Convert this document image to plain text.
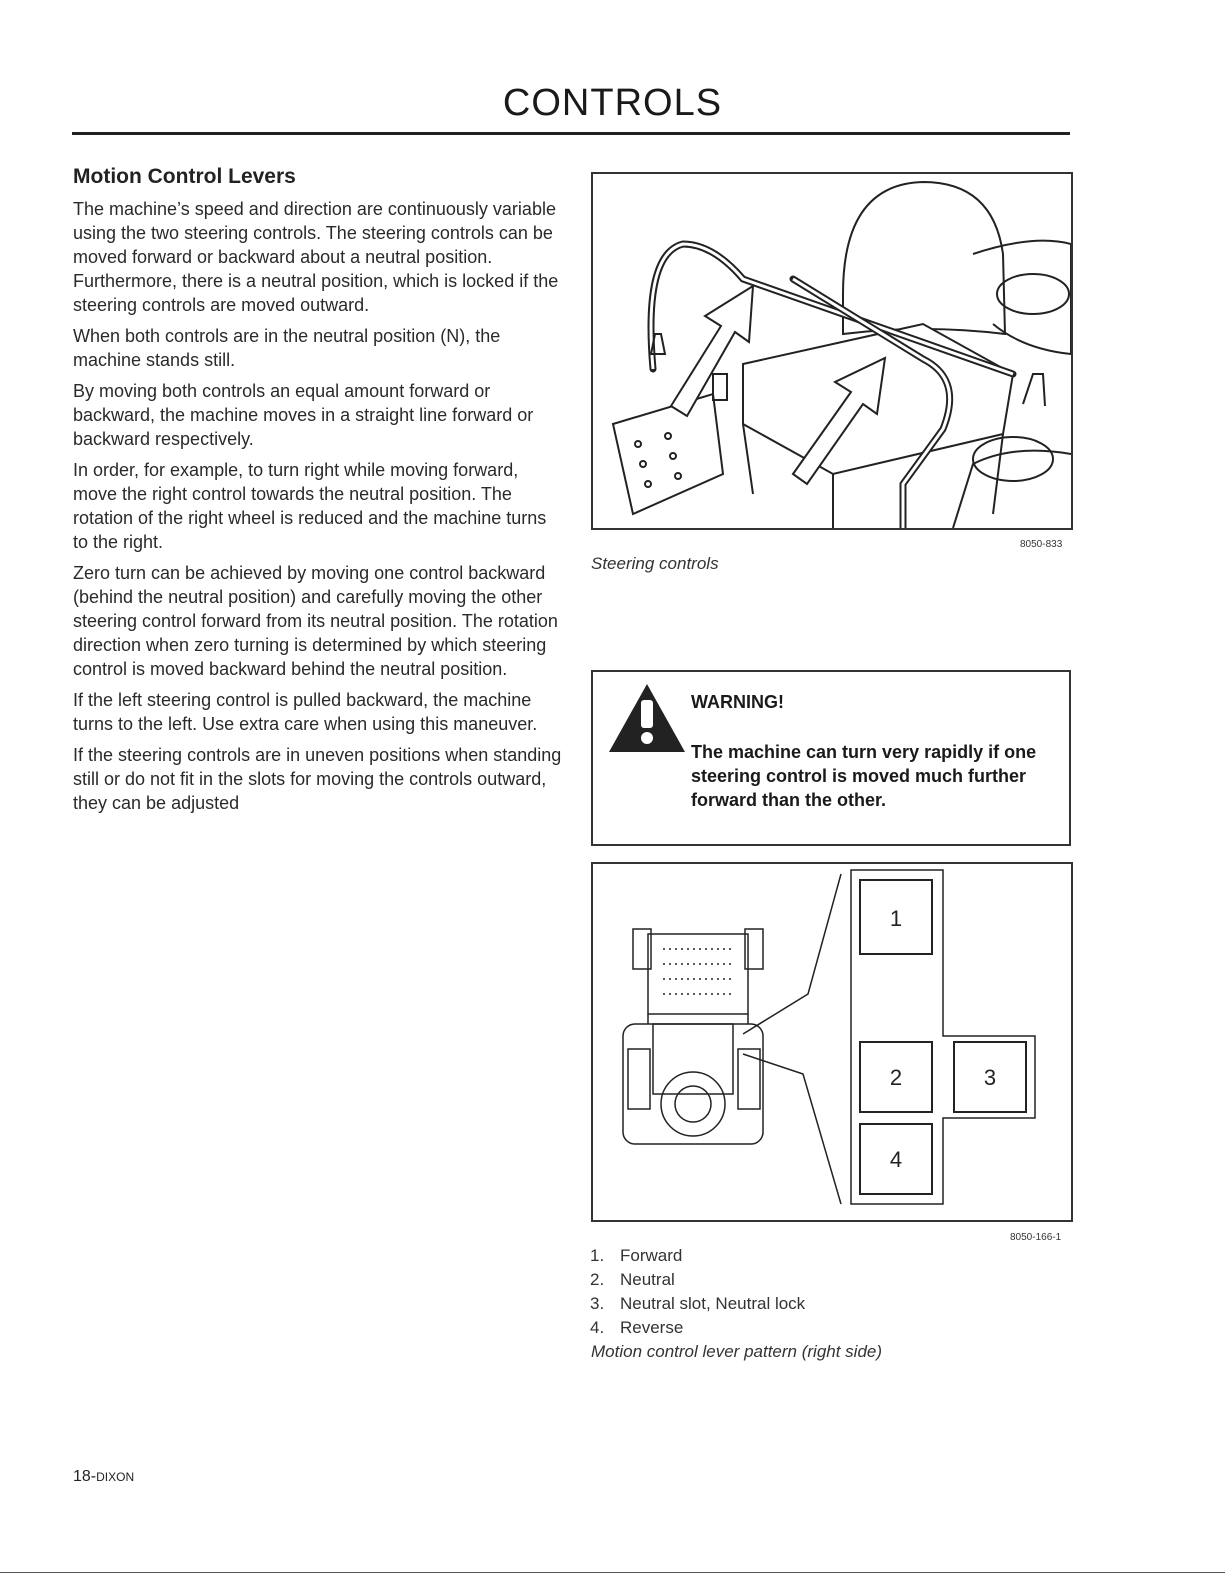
CONTROLS
Motion Control Levers

The machine’s speed and direction are continuously variable using the two steering controls. The steering controls can be moved forward or backward about a neutral position. Furthermore, there is a neutral position, which is locked if the steering controls are moved outward.

When both controls are in the neutral position (N), the machine stands still.

By moving both controls an equal amount forward or backward, the machine moves in a straight line forward or backward respectively.

In order, for example, to turn right while moving forward, move the right control towards the neutral position. The rotation of the right wheel is reduced and the machine turns to the right.

Zero turn can be achieved by moving one control backward (behind the neutral position) and carefully moving the other steering control forward from its neutral position. The rotation direction when zero turning is determined by which steering control is moved backward behind the neutral position.

If the left steering control is pulled backward, the machine turns to the left. Use extra care when using this maneuver.

If the steering controls are in uneven positions when standing still or do not fit in the slots for moving the controls outward, they can be adjusted

8050-833
Steering controls
WARNING!
The machine can turn very rapidly if one steering control is moved much further forward than the other.
1
2	3
4
8050-166-1
1. Forward
2. Neutral
3. Neutral slot, Neutral lock
4. Reverse
Motion control lever pattern (right side)
18-DIXON
